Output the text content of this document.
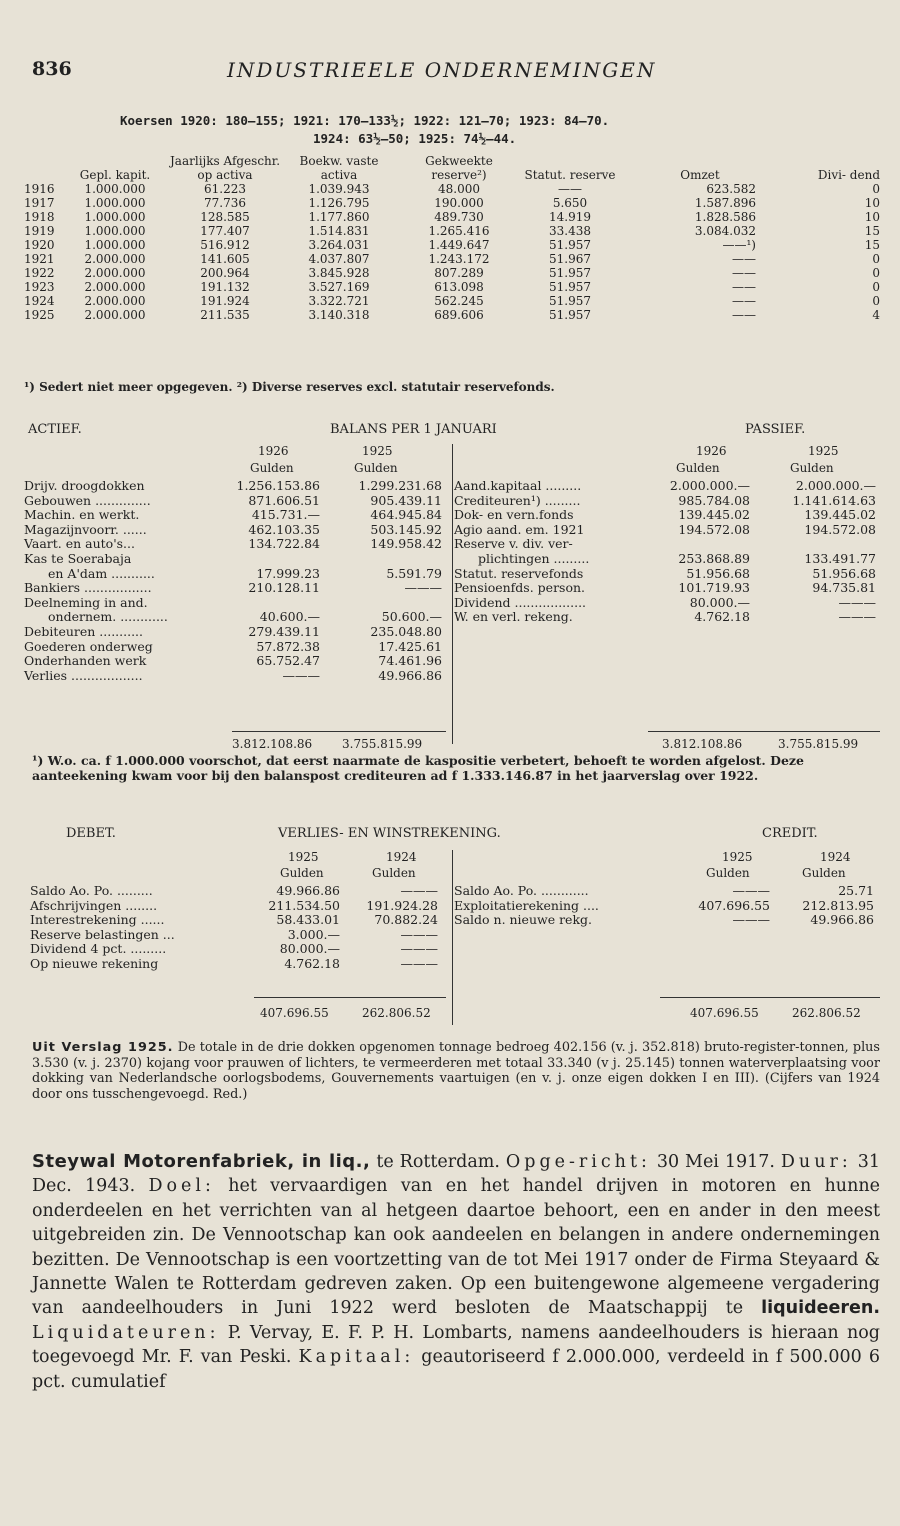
836	INDUSTRIEELE ONDERNEMINGEN
Koersen 1920: 180—155; 1921: 170—133½; 1922: 121—70; 1923: 84—70.
1924: 63½—50; 1925: 74½—44.
	Gepl. kapit.	Jaarlijks Afgeschr. op activa	Boekw. vaste activa	Gekweekte reserve²)	Statut. reserve	Omzet	Divi- dend
1916	1.000.000	61.223	1.039.943	48.000	——	623.582	0
1917	1.000.000	77.736	1.126.795	190.000	5.650	1.587.896	10
1918	1.000.000	128.585	1.177.860	489.730	14.919	1.828.586	10
1919	1.000.000	177.407	1.514.831	1.265.416	33.438	3.084.032	15
1920	1.000.000	516.912	3.264.031	1.449.647	51.957	——¹)	15
1921	2.000.000	141.605	4.037.807	1.243.172	51.967	——	0
1922	2.000.000	200.964	3.845.928	807.289	51.957	——	0
1923	2.000.000	191.132	3.527.169	613.098	51.957	——	0
1924	2.000.000	191.924	3.322.721	562.245	51.957	——	0
1925	2.000.000	211.535	3.140.318	689.606	51.957	——	4
¹) Sedert niet meer opgegeven. ²) Diverse reserves excl. statutair reservefonds.
ACTIEF.	BALANS PER 1 JANUARI	PASSIEF.
1926	1925	1926	1925
Gulden	Gulden	Gulden	Gulden
Drijv. droogdokken	1.256.153.86	1.299.231.68
Gebouwen ..............	871.606.51	905.439.11
Machin. en werkt.	415.731.—	464.945.84
Magazijnvoorr. ......	462.103.35	503.145.92
Vaart. en auto's...	134.722.84	149.958.42
Kas te Soerabaja
en A'dam ...........	17.999.23	5.591.79
Bankiers .................	210.128.11	———
Deelneming in and.
ondernem. ............	40.600.—	50.600.—
Debiteuren ...........	279.439.11	235.048.80
Goederen onderweg	57.872.38	17.425.61
Onderhanden werk	65.752.47	74.461.96
Verlies ..................	———	49.966.86
Aand.kapitaal .........	2.000.000.—	2.000.000.—
Crediteuren¹) .........	985.784.08	1.141.614.63
Dok- en vern.fonds	139.445.02	139.445.02
Agio aand. em. 1921	194.572.08	194.572.08
Reserve v. div. ver-
plichtingen .........	253.868.89	133.491.77
Statut. reservefonds	51.956.68	51.956.68
Pensioenfds. person.	101.719.93	94.735.81
Dividend ..................	80.000.—	———
W. en verl. rekeng.	4.762.18	———
3.812.108.86 3.755.815.99	3.812.108.86	3.755.815.99
¹) W.o. ca. f 1.000.000 voorschot, dat eerst naarmate de kaspositie verbetert, behoeft te worden afgelost. Deze aanteekening kwam voor bij den balanspost crediteuren ad f 1.333.146.87 in het jaarverslag over 1922.
DEBET.	VERLIES- EN WINSTREKENING.	CREDIT.
1925	1924	1925	1924
Gulden	Gulden	Gulden	Gulden
Saldo Ao. Po. .........	49.966.86	———
Afschrijvingen ........	211.534.50	191.924.28
Interestrekening ......	58.433.01	70.882.24
Reserve belastingen ...	3.000.—	———
Dividend 4 pct. .........	80.000.—	———
Op nieuwe rekening	4.762.18	———
Saldo Ao. Po. ............	———	25.71
Exploitatierekening ....	407.696.55	212.813.95
Saldo n. nieuwe rekg.	———	49.966.86
407.696.55	262.806.52	407.696.55	262.806.52
Uit Verslag 1925. De totale in de drie dokken opgenomen tonnage bedroeg 402.156 (v. j. 352.818) bruto-register-tonnen, plus 3.530 (v. j. 2370) kojang voor prauwen of lichters, te vermeerderen met totaal 33.340 (v j. 25.145) tonnen waterverplaatsing voor dokking van Nederlandsche oorlogsbodems, Gouvernements vaartuigen (en v. j. onze eigen dokken I en III). (Cijfers van 1924 door ons tusschengevoegd. Red.)
Steywal Motorenfabriek, in liq., te Rotterdam. Opge-richt: 30 Mei 1917. Duur: 31 Dec. 1943. Doel: het vervaardigen van en het handel drijven in motoren en hunne onderdeelen en het verrichten van al hetgeen daartoe behoort, een en ander in den meest uitgebreiden zin. De Vennootschap kan ook aandeelen en belangen in andere ondernemingen bezitten. De Vennootschap is een voortzetting van de tot Mei 1917 onder de Firma Steyaard & Jannette Walen te Rotterdam gedreven zaken. Op een buitengewone algemeene vergadering van aandeelhouders in Juni 1922 werd besloten de Maatschappij te liquideeren. Liquidateuren: P. Vervay, E. F. P. H. Lombarts, namens aandeelhouders is hieraan nog toegevoegd Mr. F. van Peski. Kapitaal: geautoriseerd f 2.000.000, verdeeld in f 500.000 6 pct. cumulatief
